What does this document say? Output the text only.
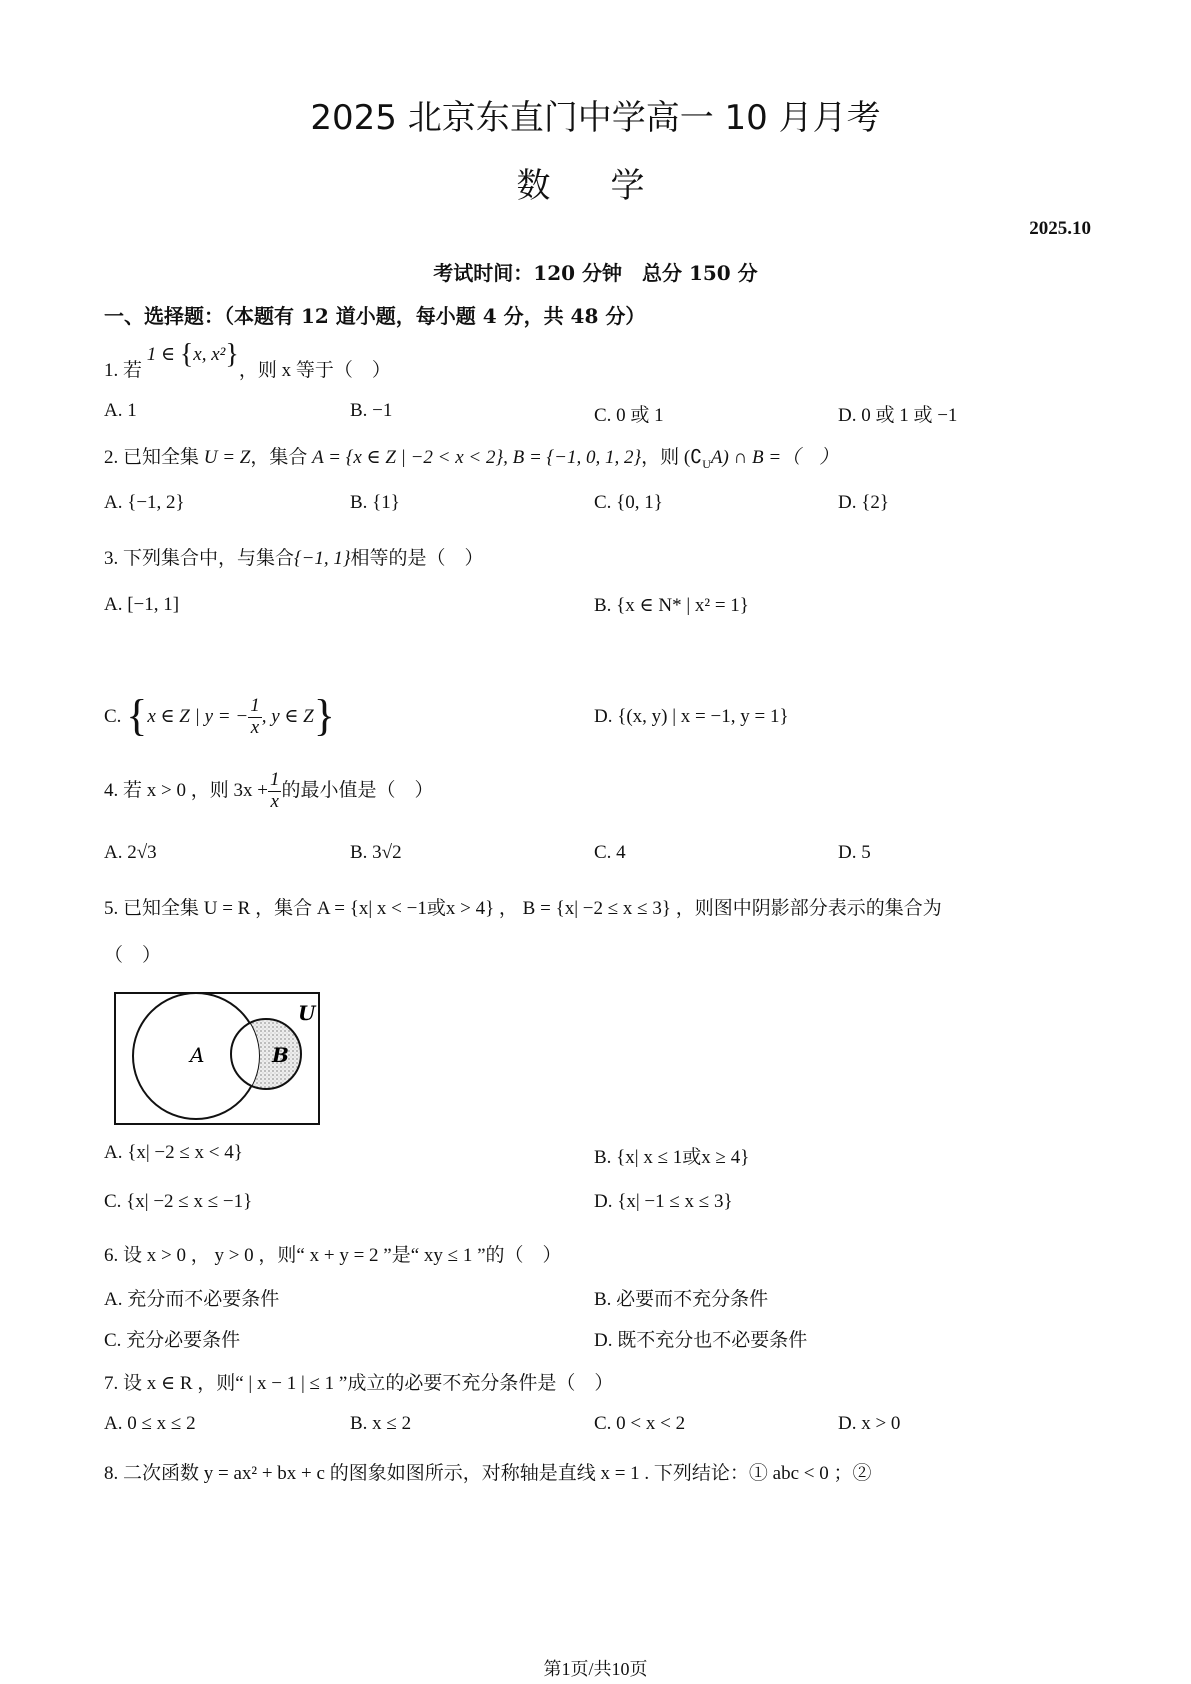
2025 北京东直门中学高一 10 月月考
数学
2025.10
考试时间：120 分钟　总分 150 分
一、选择题：（本题有 12 道小题，每小题 4 分，共 48 分）
1. 若 1 ∈ {x, x²}，则 x 等于（　）
A. 1	B. −1	C. 0 或 1	D. 0 或 1 或 −1
2. 已知全集 U = Z，集合 A = {x ∈ Z | −2 < x < 2}, B = {−1, 0, 1, 2}，则 $(∁_UA)$ ∩ B =（　）
A. {−1, 2}	B. {1}	C. {0, 1}	D. {2}
3. 下列集合中，与集合{−1, 1}相等的是（　）
A. [−1, 1]	B. {x ∈ N* | x² = 1}
C. {x ∈ Z | y = − $\frac{1}{x}$ , y ∈ Z}	D. {(x, y) | x = −1, y = 1}
4. 若 x > 0 ，则 $3x + \frac{1}{x}$ 的最小值是（　）
A. 2√3	B. 3√2	C. 4	D. 5
5. 已知全集 U = R ，集合 A = {x| x < −1或x > 4} ， B = {x| −2 ≤ x ≤ 3} ，则图中阴影部分表示的集合为
（　）
A	B
U
A. {x| −2 ≤ x < 4}	B. {x| x ≤ 1或x ≥ 4}
C. {x| −2 ≤ x ≤ −1}	D. {x| −1 ≤ x ≤ 3}
6. 设 x > 0 ， y > 0 ，则“ x + y = 2 ”是“ xy ≤ 1 ”的（　）
A. 充分而不必要条件	B. 必要而不充分条件
C. 充分必要条件	D. 既不充分也不必要条件
7. 设 x ∈ R ，则“ | x − 1 | ≤ 1 ”成立的必要不充分条件是（　）
A. 0 ≤ x ≤ 2	B. x ≤ 2	C. 0 < x < 2	D. x > 0
8. 二次函数 y = ax² + bx + c 的图象如图所示，对称轴是直线 x = 1 . 下列结论：① abc < 0 ；②
第1页/共10页
